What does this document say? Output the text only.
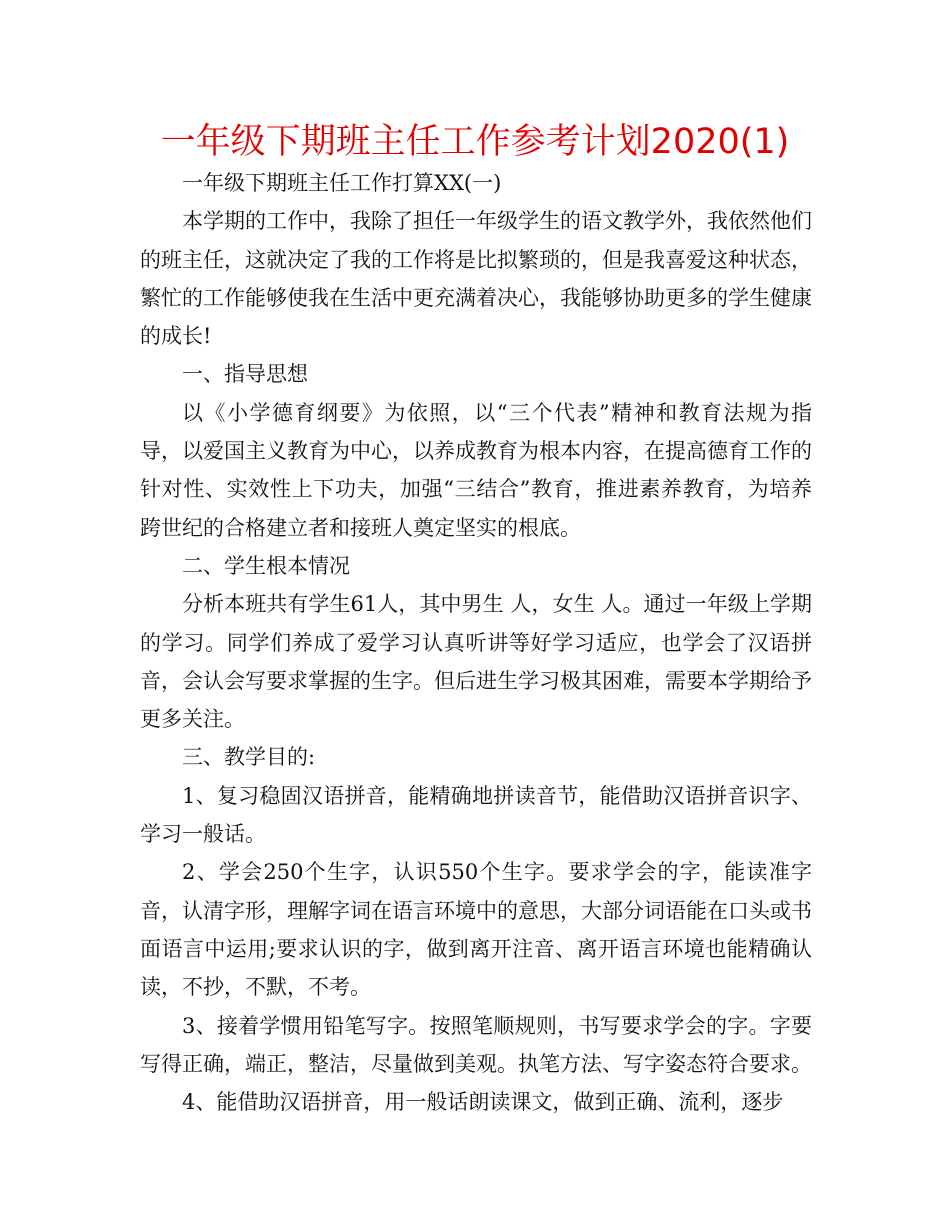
一年级下期班主任工作参考计划2020(1)

一年级下期班主任工作打算XX(一)

本学期的工作中，我除了担任一年级学生的语文教学外，我依然他们的班主任，这就决定了我的工作将是比拟繁琐的，但是我喜爱这种状态，繁忙的工作能够使我在生活中更充满着决心，我能够协助更多的学生健康的成长!

一、指导思想

以《小学德育纲要》为依照，以“三个代表”精神和教育法规为指导，以爱国主义教育为中心，以养成教育为根本内容，在提高德育工作的针对性、实效性上下功夫，加强“三结合”教育，推进素养教育，为培养跨世纪的合格建立者和接班人奠定坚实的根底。

二、学生根本情况

分析本班共有学生61人，其中男生 人，女生 人。通过一年级上学期的学习。同学们养成了爱学习认真听讲等好学习适应，也学会了汉语拼音，会认会写要求掌握的生字。但后进生学习极其困难，需要本学期给予更多关注。

三、教学目的:

1、复习稳固汉语拼音，能精确地拼读音节，能借助汉语拼音识字、学习一般话。

2、学会250个生字，认识550个生字。要求学会的字，能读准字音，认清字形，理解字词在语言环境中的意思，大部分词语能在口头或书面语言中运用;要求认识的字，做到离开注音、离开语言环境也能精确认读，不抄，不默，不考。

3、接着学惯用铅笔写字。按照笔顺规则，书写要求学会的字。字要写得正确，端正，整洁，尽量做到美观。执笔方法、写字姿态符合要求。

4、能借助汉语拼音，用一般话朗读课文，做到正确、流利，逐步
